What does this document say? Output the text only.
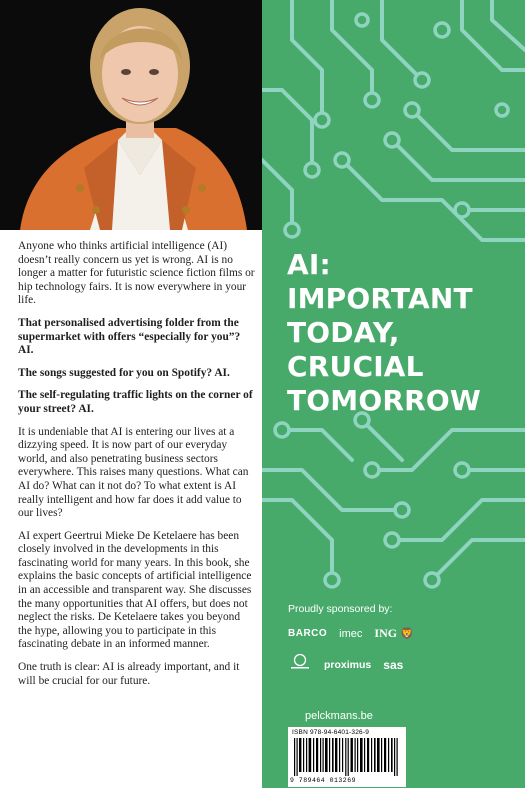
Anyone who thinks artificial intelligence (AI) doesn’t really concern us yet is wrong. AI is no longer a matter for futuristic science fiction films or hip technology fairs. It is now everywhere in your life.

That personalised advertising folder from the supermarket with offers “especially for you”? AI.

The songs suggested for you on Spotify? AI.

The self-regulating traffic lights on the corner of your street? AI.

It is undeniable that AI is entering our lives at a dizzying speed. It is now part of our everyday world, and also penetrating business sectors everywhere. This raises many questions. What can AI do? What can it not do? To what extent is AI really intelligent and how far does it add value to our lives?

AI expert Geertrui Mieke De Ketelaere has been closely involved in the developments in this fascinating world for many years. In this book, she explains the basic concepts of artificial intelligence in an accessible and transparent way. She discusses the many opportunities that AI offers, but does not neglect the risks. De Ketelaere takes you beyond the hype, allowing you to participate in this fascinating debate in an informed manner.

One truth is clear: AI is already important, and it will be crucial for our future.

AI:
IMPORTANT
TODAY,
CRUCIAL
TOMORROW
Proudly sponsored by:
BARCO imec ING 🦁
proximus sas
pelckmans.be
ISBN 978-94-6401-326-9
9 789464 013269
